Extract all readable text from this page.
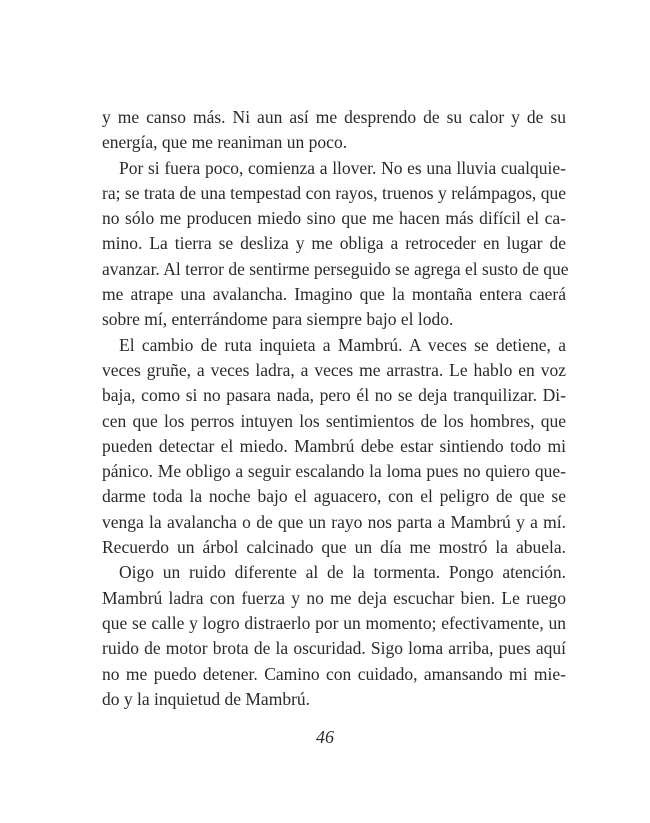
y me canso más. Ni aun así me desprendo de su calor y de su
energía, que me reaniman un poco.
Por si fuera poco, comienza a llover. No es una lluvia cualquie-
ra; se trata de una tempestad con rayos, truenos y relámpagos, que
no sólo me producen miedo sino que me hacen más difícil el ca-
mino. La tierra se desliza y me obliga a retroceder en lugar de
avanzar. Al terror de sentirme perseguido se agrega el susto de que
me atrape una avalancha. Imagino que la montaña entera caerá
sobre mí, enterrándome para siempre bajo el lodo.
El cambio de ruta inquieta a Mambrú. A veces se detiene, a
veces gruñe, a veces ladra, a veces me arrastra. Le hablo en voz
baja, como si no pasara nada, pero él no se deja tranquilizar. Di-
cen que los perros intuyen los sentimientos de los hombres, que
pueden detectar el miedo. Mambrú debe estar sintiendo todo mi
pánico. Me obligo a seguir escalando la loma pues no quiero que-
darme toda la noche bajo el aguacero, con el peligro de que se
venga la avalancha o de que un rayo nos parta a Mambrú y a mí.
Recuerdo un árbol calcinado que un día me mostró la abuela.
Oigo un ruido diferente al de la tormenta. Pongo atención.
Mambrú ladra con fuerza y no me deja escuchar bien. Le ruego
que se calle y logro distraerlo por un momento; efectivamente, un
ruido de motor brota de la oscuridad. Sigo loma arriba, pues aquí
no me puedo detener. Camino con cuidado, amansando mi mie-
do y la inquietud de Mambrú.
46
